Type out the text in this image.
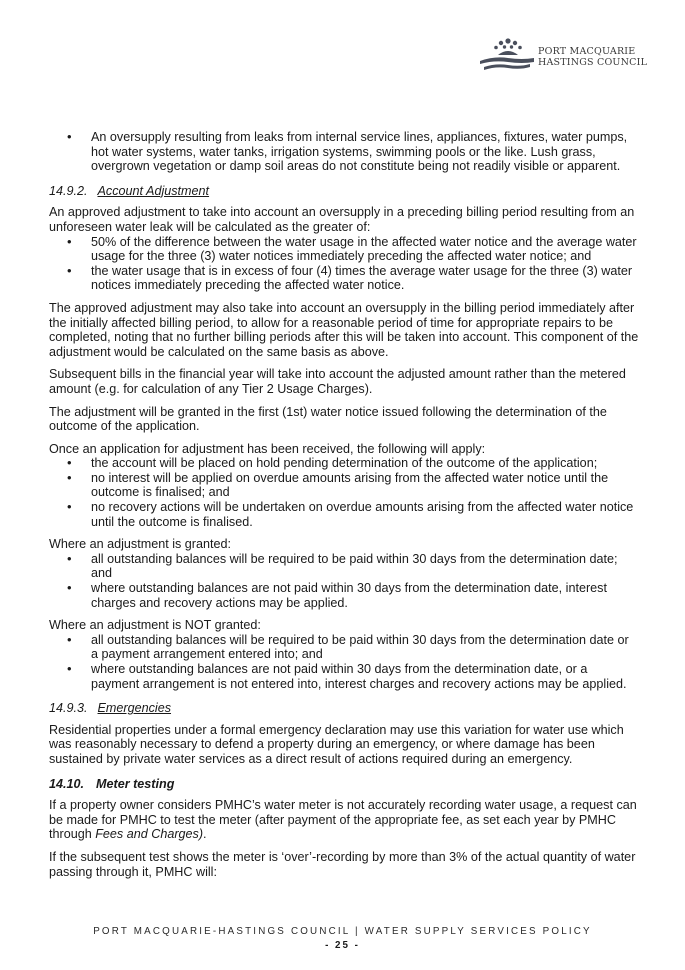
PORT MACQUARIE
HASTINGS COUNCIL
• An oversupply resulting from leaks from internal service lines, appliances, fixtures, water pumps, hot water systems, water tanks, irrigation systems, swimming pools or the like. Lush grass, overgrown vegetation or damp soil areas do not constitute being not readily visible or apparent.
14.9.2. Account Adjustment

An approved adjustment to take into account an oversupply in a preceding billing period resulting from an unforeseen water leak will be calculated as the greater of:

• 50% of the difference between the water usage in the affected water notice and the average water usage for the three (3) water notices immediately preceding the affected water notice; and
• the water usage that is in excess of four (4) times the average water usage for the three (3) water notices immediately preceding the affected water notice.

The approved adjustment may also take into account an oversupply in the billing period immediately after the initially affected billing period, to allow for a reasonable period of time for appropriate repairs to be completed, noting that no further billing periods after this will be taken into account. This component of the adjustment would be calculated on the same basis as above.

Subsequent bills in the financial year will take into account the adjusted amount rather than the metered amount (e.g. for calculation of any Tier 2 Usage Charges).

The adjustment will be granted in the first (1st) water notice issued following the determination of the outcome of the application.

Once an application for adjustment has been received, the following will apply:

• the account will be placed on hold pending determination of the outcome of the application;
• no interest will be applied on overdue amounts arising from the affected water notice until the outcome is finalised; and
• no recovery actions will be undertaken on overdue amounts arising from the affected water notice until the outcome is finalised.

Where an adjustment is granted:

• all outstanding balances will be required to be paid within 30 days from the determination date; and
• where outstanding balances are not paid within 30 days from the determination date, interest charges and recovery actions may be applied.

Where an adjustment is NOT granted:

• all outstanding balances will be required to be paid within 30 days from the determination date or a payment arrangement entered into; and
• where outstanding balances are not paid within 30 days from the determination date, or a payment arrangement is not entered into, interest charges and recovery actions may be applied.
14.9.3. Emergencies

Residential properties under a formal emergency declaration may use this variation for water use which was reasonably necessary to defend a property during an emergency, or where damage has been sustained by private water services as a direct result of actions required during an emergency.

14.10. Meter testing

If a property owner considers PMHC’s water meter is not accurately recording water usage, a request can be made for PMHC to test the meter (after payment of the appropriate fee, as set each year by PMHC through Fees and Charges).

If the subsequent test shows the meter is ‘over’-recording by more than 3% of the actual quantity of water passing through it, PMHC will:

PORT MACQUARIE-HASTINGS COUNCIL | WATER SUPPLY SERVICES POLICY
- 25 -
